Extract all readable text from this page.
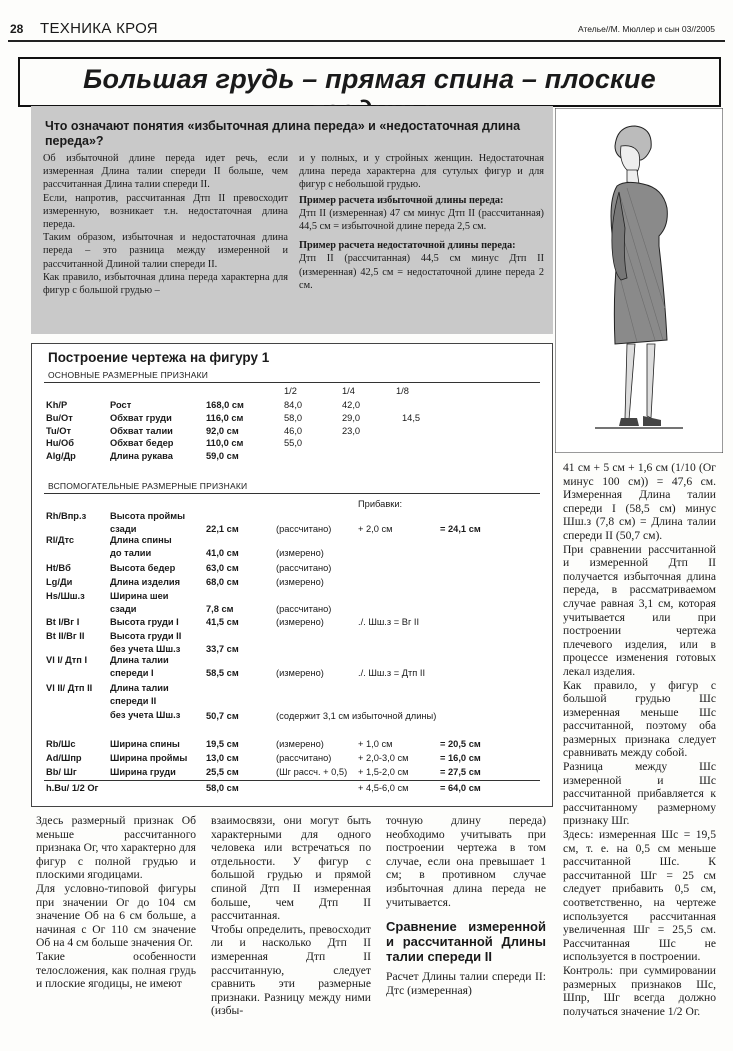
28 ТЕХНИКА КРОЯ	Ателье//М. Мюллер и сын 03//2005
Большая грудь – прямая спина – плоские
Что означают понятия «избыточная длина переда» и «недостаточная длина переда»?

Об избыточной длине переда идет речь, если измеренная Длина талии спереди II больше, чем рассчитанная Длина талии спереди II.

Если, напротив, рассчитанная Дтп II превосходит измеренную, возникает т.н. недостаточная длина переда.

Таким образом, избыточная и недостаточная длина переда – это разница между измеренной и рассчитанной Длиной талии спереди II.

Как правило, избыточная длина переда характерна для фигур с большой грудью –

и у полных, и у стройных женщин. Недостаточная длина переда характерна для сутулых фигур и для фигур с небольшой грудью.

Пример расчета избыточной длины переда:

Дтп II (измеренная) 47 см минус Дтп II (рассчитанная) 44,5 см = избыточной длине переда 2,5 см.

Пример расчета недостаточной длины переда:

Дтп II (рассчитанная) 44,5 см минус Дтп II (измеренная) 42,5 см = недостаточной длине переда 2 см.

Построение чертежа на фигуру 1
ОСНОВНЫЕ РАЗМЕРНЫЕ ПРИЗНАКИ
1/2	1/4	1/8
Kh/Р	Рост	168,0 см	84,0	42,0
Bu/От	Обхват груди	116,0 см	58,0	29,0	14,5
Tu/От	Обхват талии	92,0 см	46,0	23,0
Hu/Об	Обхват бедер	110,0 см	55,0
Alg/Др	Длина рукава	59,0 см
ВСПОМОГАТЕЛЬНЫЕ РАЗМЕРНЫЕ ПРИЗНАКИ
Прибавки:
Rh/Впр.з	Высота проймы
сзади	22,1 см	(рассчитано)	+ 2,0 см	= 24,1 см
Rl/Дтс	Длина спины
до талии	41,0 см	(измерено)
Ht/Вб	Высота бедер	63,0 см	(рассчитано)
Lg/Ди	Длина изделия	68,0 см	(измерено)
Hs/Шш.з	Ширина шеи
сзади	7,8 см	(рассчитано)
Bt I/Вг I	Высота груди I	41,5 см	(измерено)	./. Шш.з = Вг II
Bt II/Вг II	Высота груди II
без учета Шш.з	33,7 см
Vl I/ Дтп I Длина талии
спереди I	58,5 см	(измерено)	./. Шш.з = Дтп II
Vl II/ Дтп II Длина талии
спереди II
без учета Шш.з	50,7 см	(содержит 3,1 см избыточной длины)
Rb/Шс	Ширина спины	19,5 см	(измерено)	+ 1,0 см	= 20,5 см
Ad/Шпр	Ширина проймы 13,0 см	(рассчитано)	+ 2,0-3,0 см	= 16,0 см
Bb/ Шг	Ширина груди	25,5 см	(Шг рассч. + 0,5) + 1,5-2,0 см	= 27,5 см
h.Bu/ 1/2 Ог	58,0 см	+ 4,5-6,0 см	= 64,0 см

41 см + 5 см + 1,6 см (1/10 (Ог минус 100 см)) = 47,6 см. Измеренная Длина талии спереди I (58,5 см) минус Шш.з (7,8 см) = Длина талии спереди II (50,7 см).

При сравнении рассчитанной и измеренной Дтп II получается избыточная длина переда, в рассматриваемом случае равная 3,1 см, которая учитывается или при построении чертежа плечевого изделия, или в процессе изменения готовых лекал изделия.

Как правило, у фигур с большой грудью Шс измеренная меньше Шс рассчитанной, поэтому оба размерных признака следует сравнивать между собой.

Разница между Шс измеренной и Шс рассчитанной прибавляется к рассчитанному размерному признаку Шг.

Здесь: измеренная Шс = 19,5 см, т. е. на 0,5 см меньше рассчитанной Шс. К рассчитанной Шг = 25 см следует прибавить 0,5 см, соответственно, на чертеже используется рассчитанная увеличенная Шг = 25,5 см. Рассчитанная Шс не используется в построении.

Контроль: при суммировании размерных признаков Шс, Шпр, Шг всегда должно получаться значение 1/2 Ог.

Здесь размерный признак Об меньше рассчитанного признака Ог, что характерно для фигур с полной грудью и плоскими ягодицами.

Для условно-типовой фигуры при значении Ог до 104 см значение Об на 6 см больше, а начиная с Ог 110 см значение Об на 4 см больше значения Ог.

Такие особенности телосложения, как полная грудь и плоские ягодицы, не имеют

взаимосвязи, они могут быть характерными для одного человека или встречаться по отдельности. У фигур с большой грудью и прямой спиной Дтп II измеренная больше, чем Дтп II рассчитанная.

Чтобы определить, превосходит ли и насколько Дтп II измеренная Дтп II рассчитанную, следует сравнить эти размерные признаки. Разницу между ними (избы-

точную длину переда) необходимо учитывать при построении чертежа в том случае, если она превышает 1 см; в противном случае избыточная длина переда не учитывается.

Сравнение измеренной и рассчитанной Длины талии спереди II

Расчет Длины талии спереди II: Дтс (измеренная)
